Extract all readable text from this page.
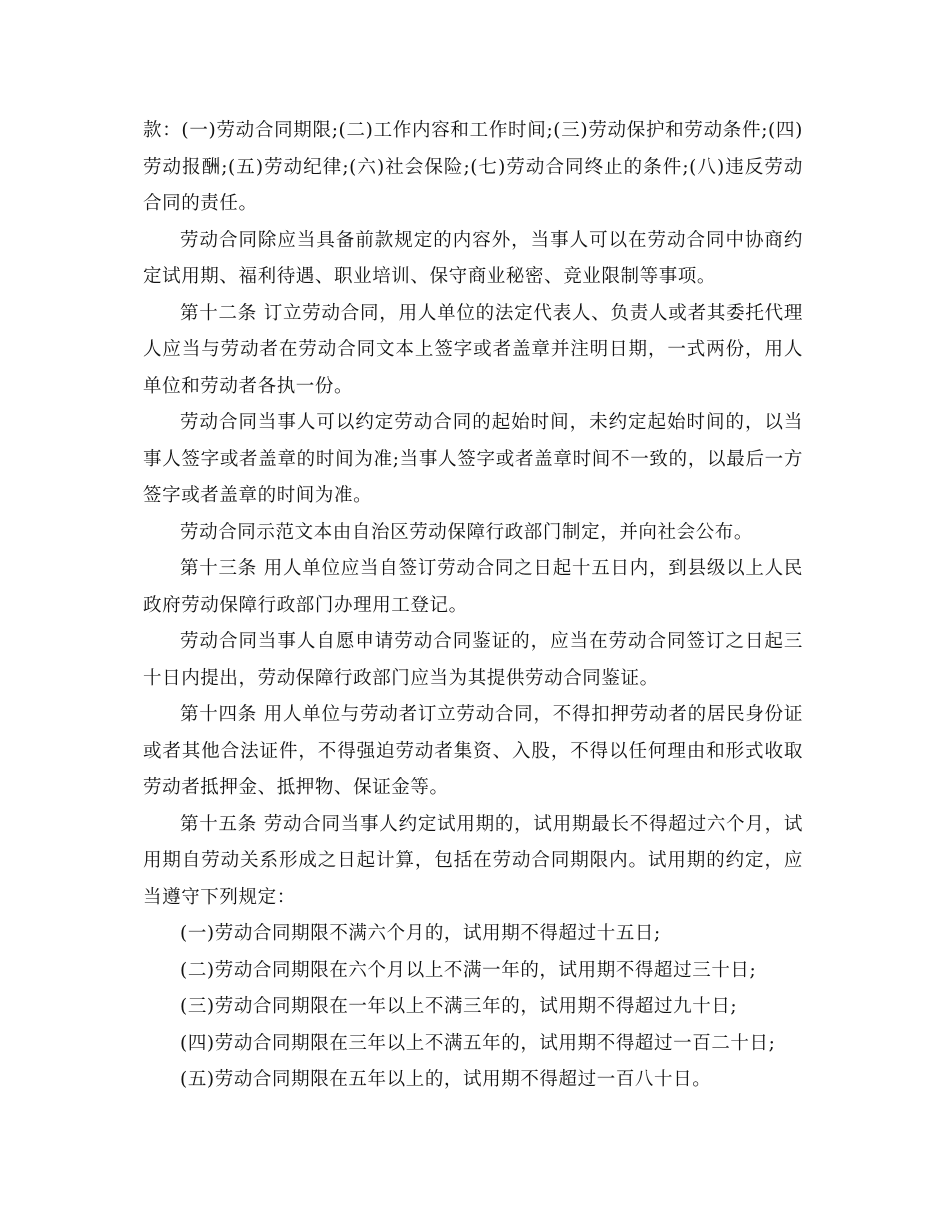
款：(一)劳动合同期限;(二)工作内容和工作时间;(三)劳动保护和劳动条件;(四)劳动报酬;(五)劳动纪律;(六)社会保险;(七)劳动合同终止的条件;(八)违反劳动合同的责任。

劳动合同除应当具备前款规定的内容外，当事人可以在劳动合同中协商约定试用期、福利待遇、职业培训、保守商业秘密、竞业限制等事项。

第十二条 订立劳动合同，用人单位的法定代表人、负责人或者其委托代理人应当与劳动者在劳动合同文本上签字或者盖章并注明日期，一式两份，用人单位和劳动者各执一份。

劳动合同当事人可以约定劳动合同的起始时间，未约定起始时间的，以当事人签字或者盖章的时间为准;当事人签字或者盖章时间不一致的，以最后一方签字或者盖章的时间为准。

劳动合同示范文本由自治区劳动保障行政部门制定，并向社会公布。

第十三条 用人单位应当自签订劳动合同之日起十五日内，到县级以上人民政府劳动保障行政部门办理用工登记。

劳动合同当事人自愿申请劳动合同鉴证的，应当在劳动合同签订之日起三十日内提出，劳动保障行政部门应当为其提供劳动合同鉴证。

第十四条 用人单位与劳动者订立劳动合同，不得扣押劳动者的居民身份证或者其他合法证件，不得强迫劳动者集资、入股，不得以任何理由和形式收取劳动者抵押金、抵押物、保证金等。

第十五条 劳动合同当事人约定试用期的，试用期最长不得超过六个月，试用期自劳动关系形成之日起计算，包括在劳动合同期限内。试用期的约定，应当遵守下列规定：

(一)劳动合同期限不满六个月的，试用期不得超过十五日;

(二)劳动合同期限在六个月以上不满一年的，试用期不得超过三十日;

(三)劳动合同期限在一年以上不满三年的，试用期不得超过九十日;

(四)劳动合同期限在三年以上不满五年的，试用期不得超过一百二十日;

(五)劳动合同期限在五年以上的，试用期不得超过一百八十日。
